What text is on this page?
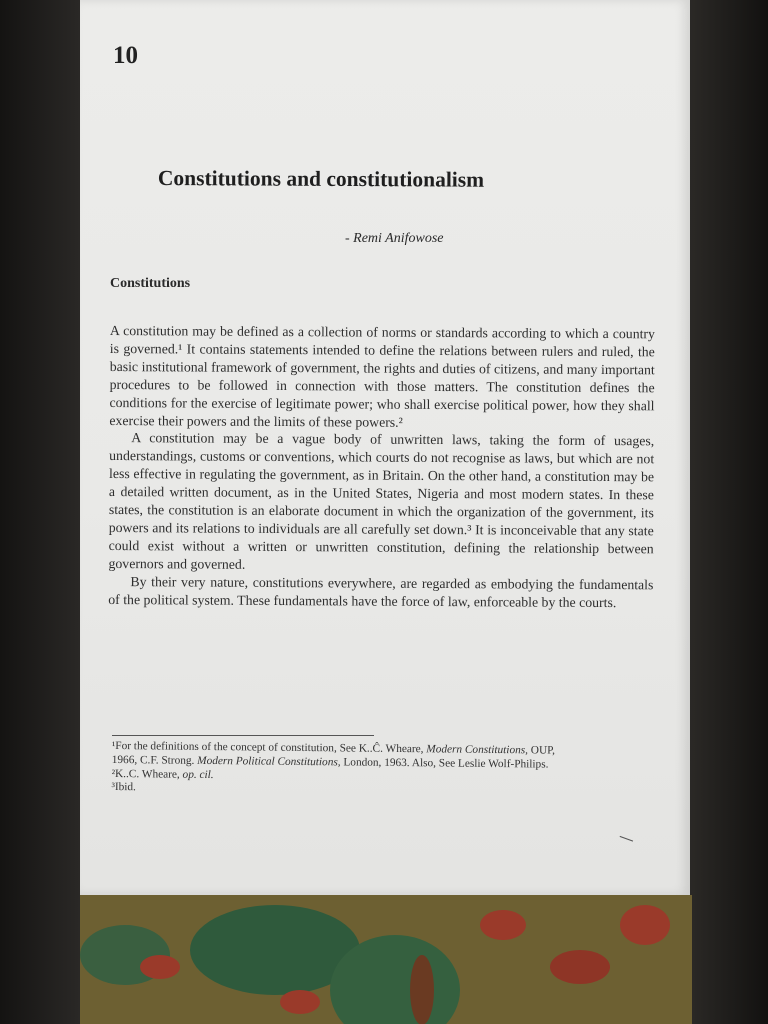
10
Constitutions and constitutionalism
- Remi Anifowose
Constitutions

A constitution may be defined as a collection of norms or standards according to which a country is governed.¹ It contains statements intended to define the relations between rulers and ruled, the basic institutional framework of government, the rights and duties of citizens, and many important procedures to be followed in connection with those matters. The constitution defines the conditions for the exercise of legitimate power; who shall exercise political power, how they shall exercise their powers and the limits of these powers.²

A constitution may be a vague body of unwritten laws, taking the form of usages, understandings, customs or conventions, which courts do not recognise as laws, but which are not less effective in regulating the government, as in Britain. On the other hand, a constitution may be a detailed written document, as in the United States, Nigeria and most modern states. In these states, the constitution is an elaborate document in which the organization of the government, its powers and its relations to individuals are all carefully set down.³ It is inconceivable that any state could exist without a written or unwritten constitution, defining the relationship between governors and governed.

By their very nature, constitutions everywhere, are regarded as embodying the fundamentals of the political system. These fundamentals have the force of law, enforceable by the courts.

¹For the definitions of the concept of constitution, See K..Ĉ. Wheare, Modern Constitutions, OUP,
1966, C.F. Strong. Modern Political Constitutions, London, 1963. Also, See Leslie Wolf-Philips.
²K..C. Wheare, op. cil.
³Ibid.
